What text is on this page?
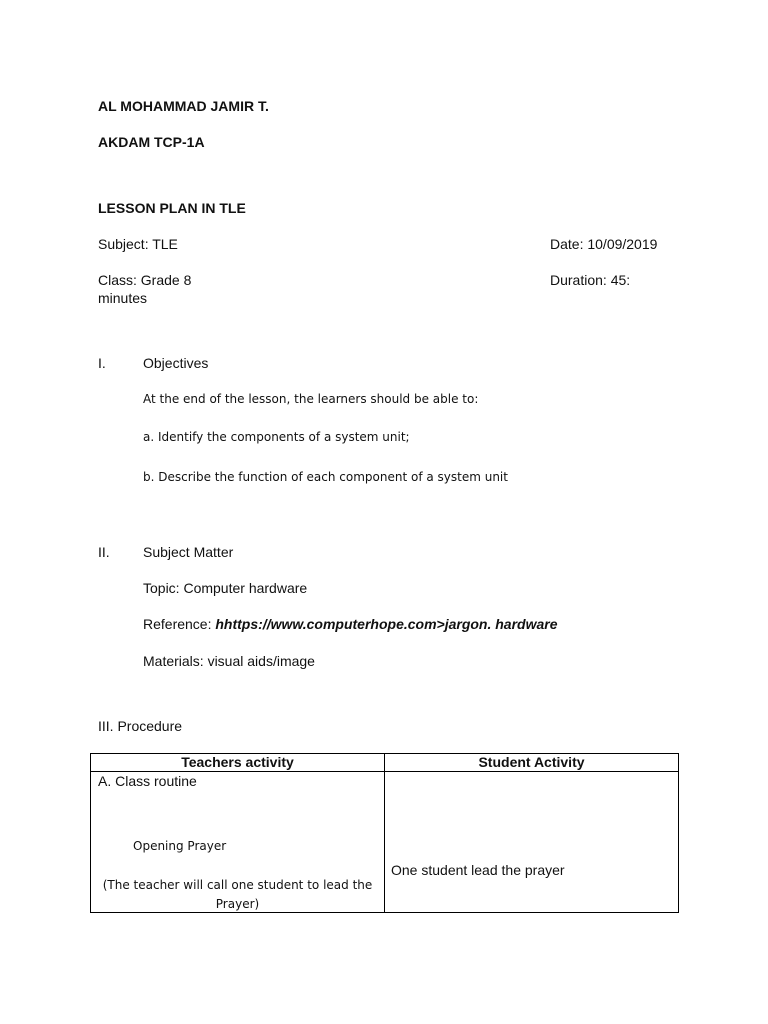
AL MOHAMMAD JAMIR T.
AKDAM TCP-1A
LESSON PLAN IN TLE
Subject: TLE	Date: 10/09/2019
Class: Grade 8	Duration: 45:
minutes
I.	Objectives
At the end of the lesson, the learners should be able to:
a. Identify the components of a system unit;
b. Describe the function of each component of a system unit
II. Subject Matter
Topic: Computer hardware
Reference: hhttps://www.computerhope.com>jargon. hardware
Materials: visual aids/image
III. Procedure
Teachers activity	Student Activity

A. Class routine
Opening Prayer
(The teacher will call one student to lead the Prayer)	One student lead the prayer
